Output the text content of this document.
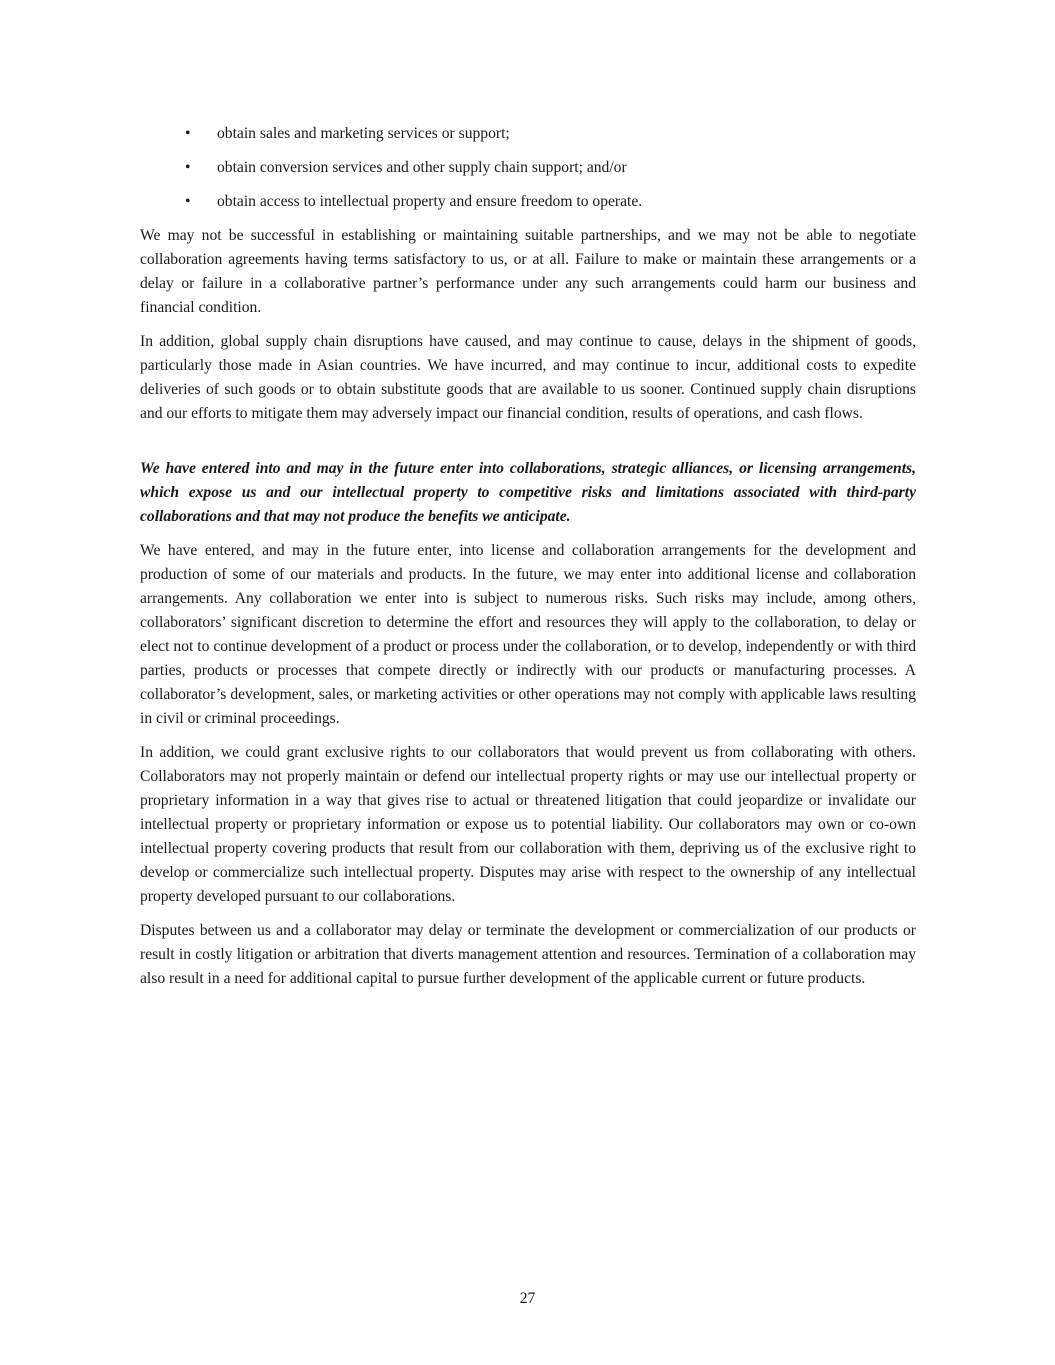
• obtain sales and marketing services or support;
• obtain conversion services and other supply chain support; and/or
• obtain access to intellectual property and ensure freedom to operate.

We may not be successful in establishing or maintaining suitable partnerships, and we may not be able to negotiate collaboration agreements having terms satisfactory to us, or at all. Failure to make or maintain these arrangements or a delay or failure in a collaborative partner’s performance under any such arrangements could harm our business and financial condition.

In addition, global supply chain disruptions have caused, and may continue to cause, delays in the shipment of goods, particularly those made in Asian countries. We have incurred, and may continue to incur, additional costs to expedite deliveries of such goods or to obtain substitute goods that are available to us sooner. Continued supply chain disruptions and our efforts to mitigate them may adversely impact our financial condition, results of operations, and cash flows.

We have entered into and may in the future enter into collaborations, strategic alliances, or licensing arrangements, which expose us and our intellectual property to competitive risks and limitations associated with third-party collaborations and that may not produce the benefits we anticipate.

We have entered, and may in the future enter, into license and collaboration arrangements for the development and production of some of our materials and products. In the future, we may enter into additional license and collaboration arrangements. Any collaboration we enter into is subject to numerous risks. Such risks may include, among others, collaborators’ significant discretion to determine the effort and resources they will apply to the collaboration, to delay or elect not to continue development of a product or process under the collaboration, or to develop, independently or with third parties, products or processes that compete directly or indirectly with our products or manufacturing processes. A collaborator’s development, sales, or marketing activities or other operations may not comply with applicable laws resulting in civil or criminal proceedings.

In addition, we could grant exclusive rights to our collaborators that would prevent us from collaborating with others. Collaborators may not properly maintain or defend our intellectual property rights or may use our intellectual property or proprietary information in a way that gives rise to actual or threatened litigation that could jeopardize or invalidate our intellectual property or proprietary information or expose us to potential liability. Our collaborators may own or co-own intellectual property covering products that result from our collaboration with them, depriving us of the exclusive right to develop or commercialize such intellectual property. Disputes may arise with respect to the ownership of any intellectual property developed pursuant to our collaborations.

Disputes between us and a collaborator may delay or terminate the development or commercialization of our products or result in costly litigation or arbitration that diverts management attention and resources. Termination of a collaboration may also result in a need for additional capital to pursue further development of the applicable current or future products.

27
